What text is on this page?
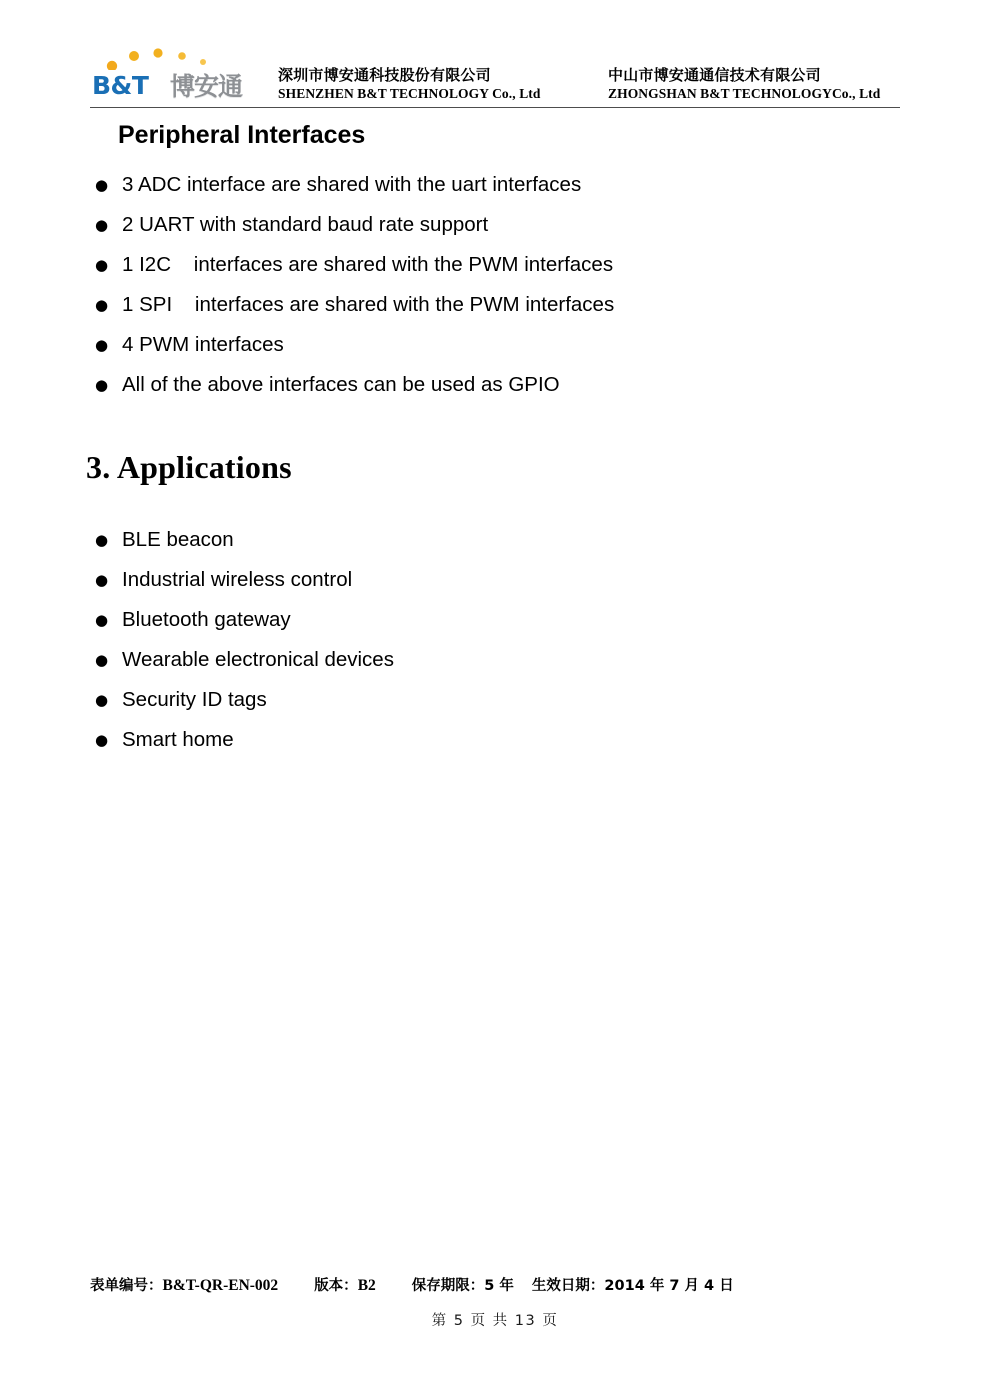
B&T 博安通 深圳市博安通科技股份有限公司
SHENZHEN B&T TECHNOLOGY Co., Ltd
中山市博安通通信技术有限公司
ZHONGSHAN B&T TECHNOLOGYCo., Ltd
Peripheral Interfaces
● 3 ADC interface are shared with the uart interfaces
● 2 UART with standard baud rate support
● 1 I2C    interfaces are shared with the PWM interfaces
● 1 SPI    interfaces are shared with the PWM interfaces
● 4 PWM interfaces
● All of the above interfaces can be used as GPIO
3. Applications
● BLE beacon
● Industrial wireless control
● Bluetooth gateway
● Wearable electronical devices
● Security ID tags
● Smart home
表单编号：B&T-QR-EN-002 版本：B2 保存期限：5 年 生效日期：2014 年 7 月 4 日
第 5 页 共 13 页
